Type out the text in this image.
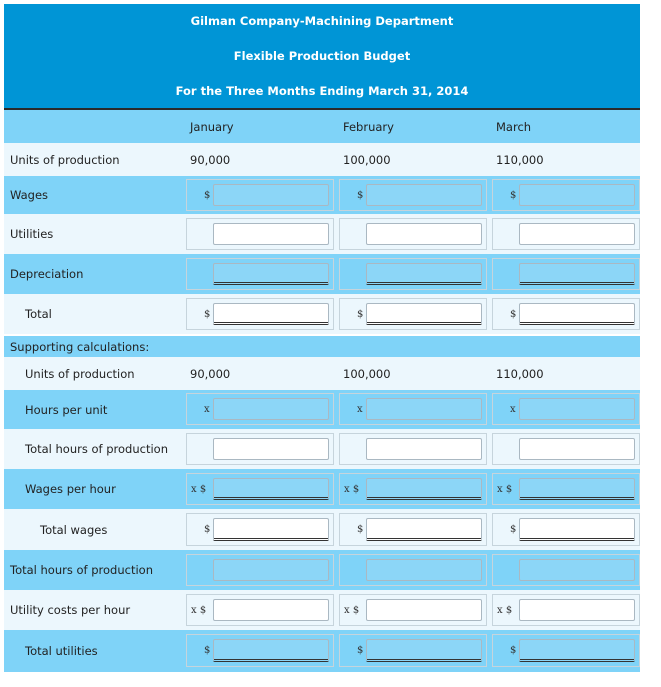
Gilman Company-Machining Department
Flexible Production Budget
For the Three Months Ending March 31, 2014
January	February	March
Units of production	90,000	100,000	110,000
Wages	$	$	$
Utilities
Depreciation
Total	$	$	$
Supporting calculations:
Units of production	90,000	100,000	110,000
Hours per unit	x	x	x
Total hours of production
Wages per hour	x $	x $	x $
Total wages	$	$	$
Total hours of production
Utility costs per hour	x $	x $	x $
Total utilities	$	$	$
